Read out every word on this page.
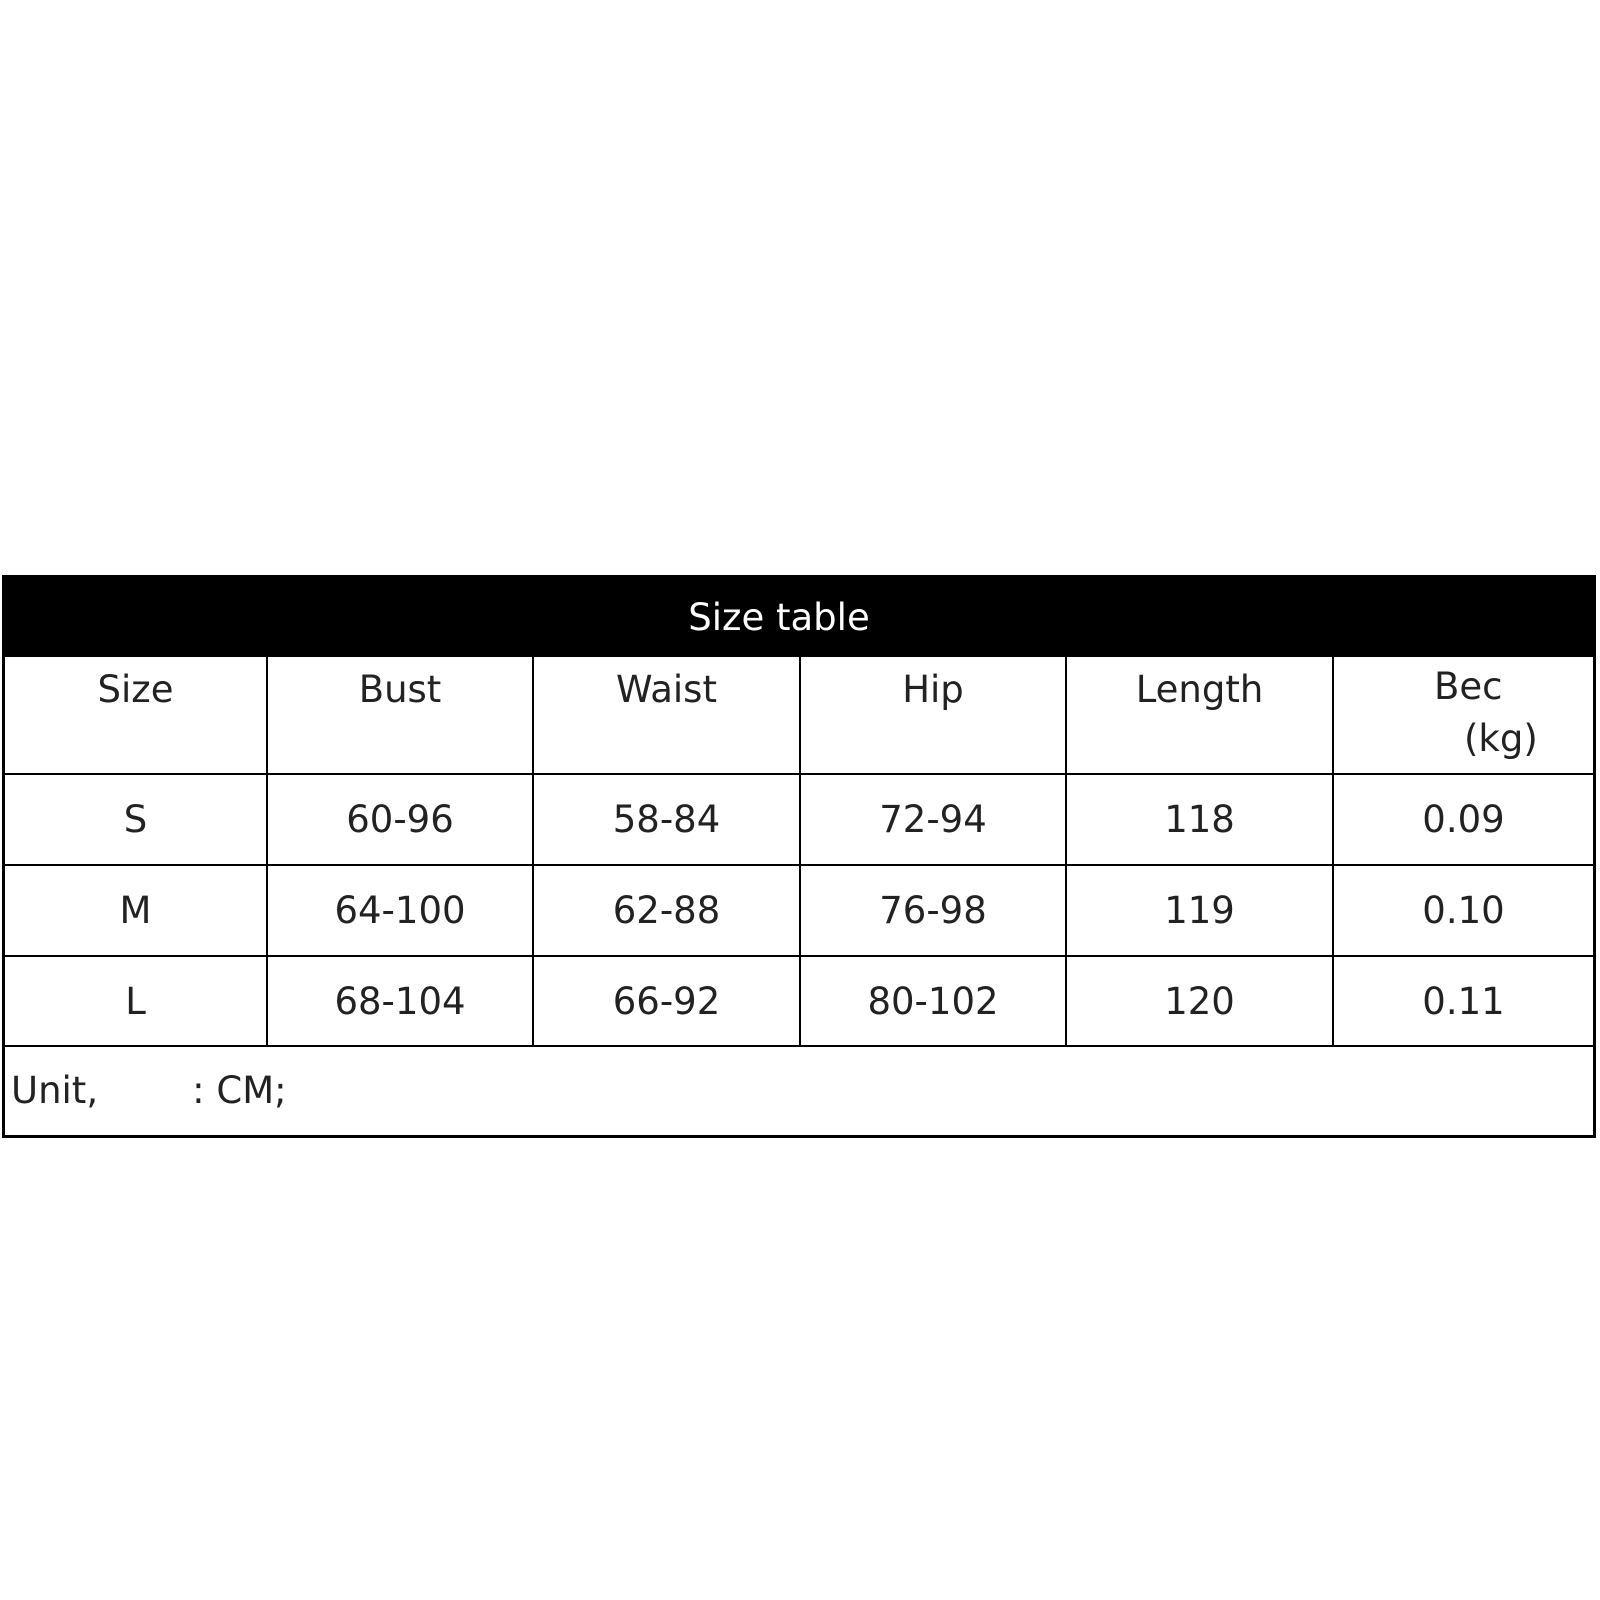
Size table
Size	Bust	Waist	Hip	Length	Bec
(kg)
S	60-96	58-84	72-94	118	0.09
M	64-100	62-88	76-98	119	0.10
L	68-104	66-92	80-102	120	0.11
Unit,        : CM;
